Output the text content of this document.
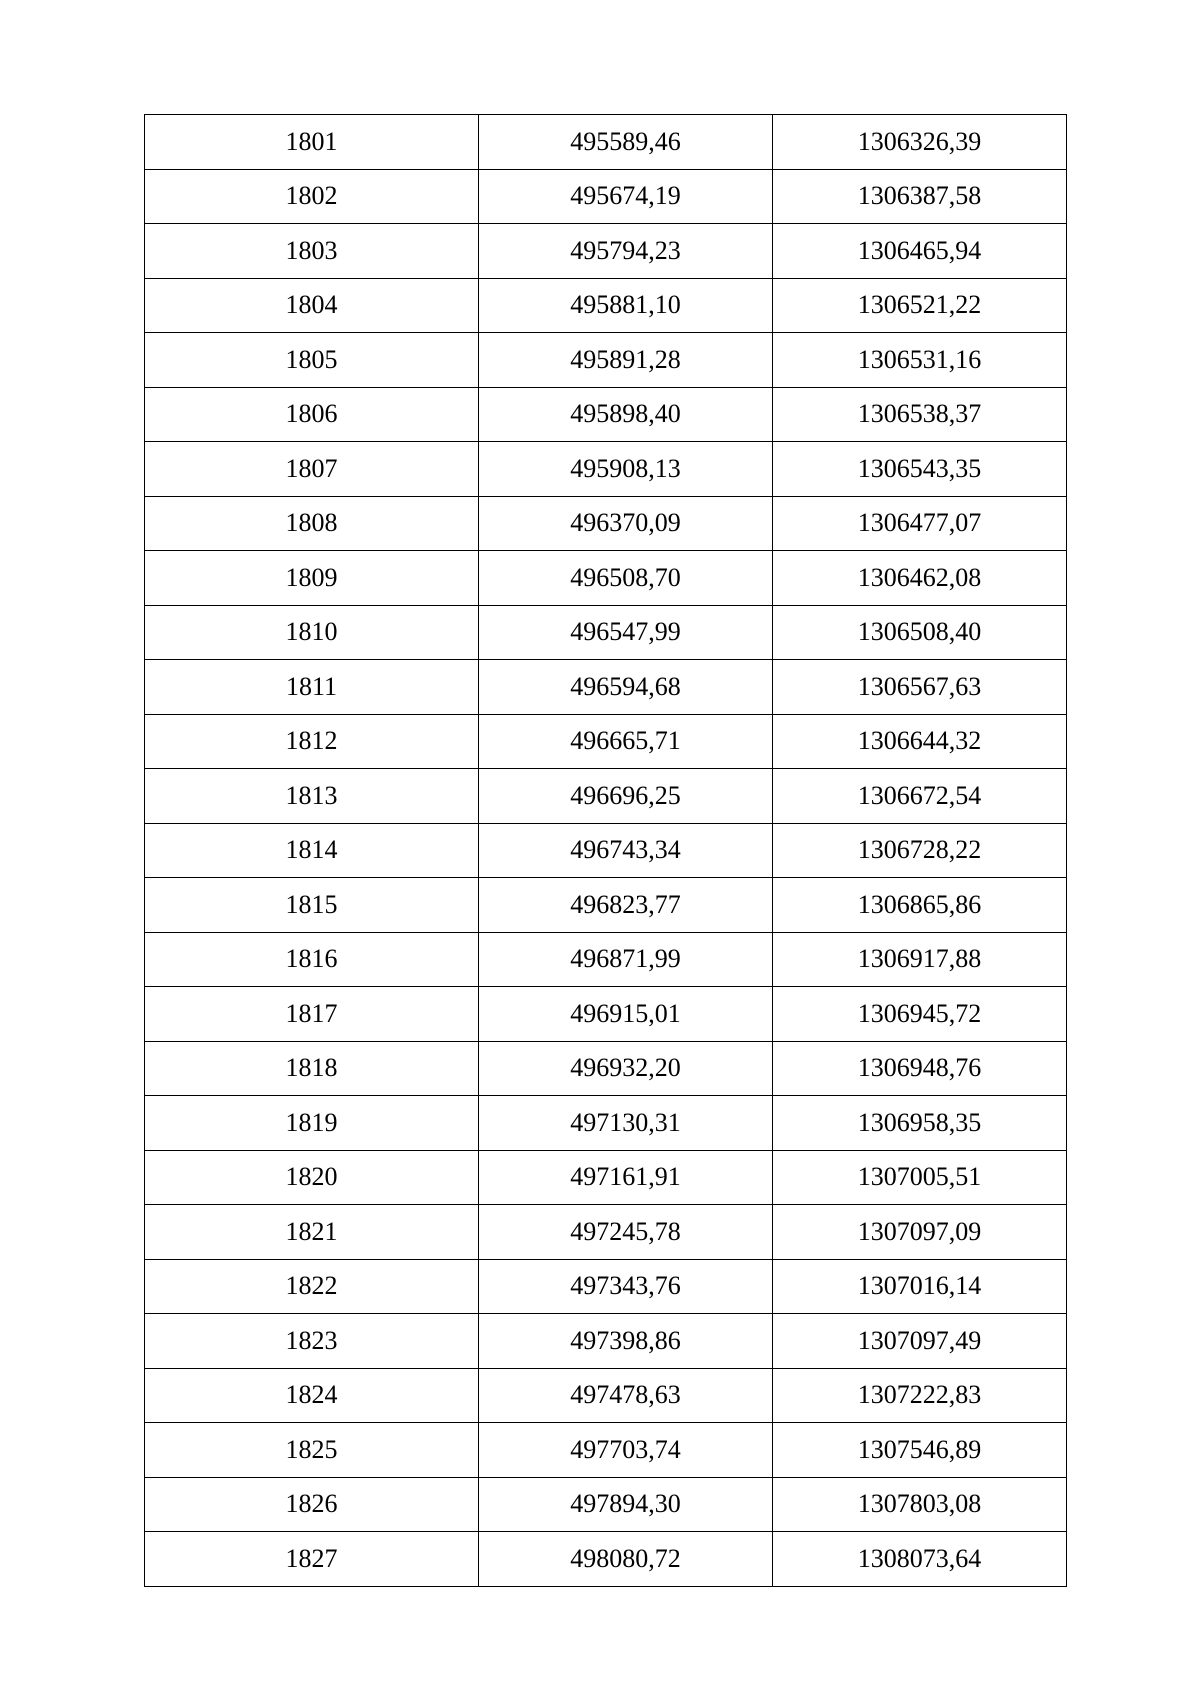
1801	495589,46	1306326,39
1802	495674,19	1306387,58
1803	495794,23	1306465,94
1804	495881,10	1306521,22
1805	495891,28	1306531,16
1806	495898,40	1306538,37
1807	495908,13	1306543,35
1808	496370,09	1306477,07
1809	496508,70	1306462,08
1810	496547,99	1306508,40
1811	496594,68	1306567,63
1812	496665,71	1306644,32
1813	496696,25	1306672,54
1814	496743,34	1306728,22
1815	496823,77	1306865,86
1816	496871,99	1306917,88
1817	496915,01	1306945,72
1818	496932,20	1306948,76
1819	497130,31	1306958,35
1820	497161,91	1307005,51
1821	497245,78	1307097,09
1822	497343,76	1307016,14
1823	497398,86	1307097,49
1824	497478,63	1307222,83
1825	497703,74	1307546,89
1826	497894,30	1307803,08
1827	498080,72	1308073,64
